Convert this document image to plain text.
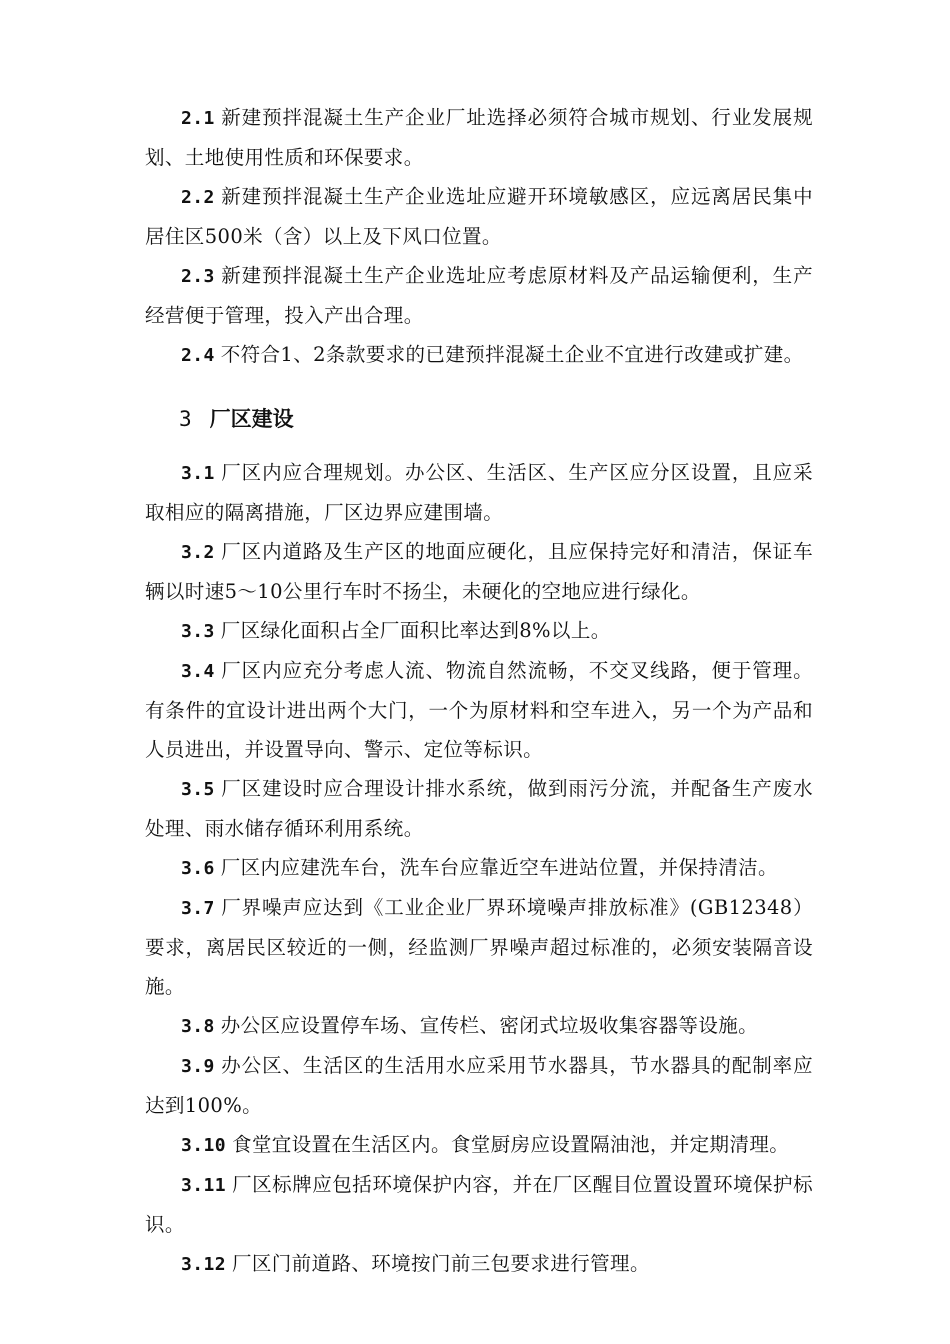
2.1 新建预拌混凝土生产企业厂址选择必须符合城市规划、行业发展规划、土地使用性质和环保要求。

2.2 新建预拌混凝土生产企业选址应避开环境敏感区，应远离居民集中居住区500米（含）以上及下风口位置。

2.3 新建预拌混凝土生产企业选址应考虑原材料及产品运输便利，生产经营便于管理，投入产出合理。

2.4 不符合1、2条款要求的已建预拌混凝土企业不宜进行改建或扩建。

3 厂区建设

3.1 厂区内应合理规划。办公区、生活区、生产区应分区设置，且应采取相应的隔离措施，厂区边界应建围墙。

3.2 厂区内道路及生产区的地面应硬化，且应保持完好和清洁，保证车辆以时速5～10公里行车时不扬尘，未硬化的空地应进行绿化。

3.3 厂区绿化面积占全厂面积比率达到8%以上。

3.4 厂区内应充分考虑人流、物流自然流畅，不交叉线路，便于管理。有条件的宜设计进出两个大门，一个为原材料和空车进入，另一个为产品和人员进出，并设置导向、警示、定位等标识。

3.5 厂区建设时应合理设计排水系统，做到雨污分流，并配备生产废水处理、雨水储存循环利用系统。

3.6 厂区内应建洗车台，洗车台应靠近空车进站位置，并保持清洁。

3.7 厂界噪声应达到《工业企业厂界环境噪声排放标准》(GB12348）要求，离居民区较近的一侧，经监测厂界噪声超过标准的，必须安装隔音设施。

3.8 办公区应设置停车场、宣传栏、密闭式垃圾收集容器等设施。

3.9 办公区、生活区的生活用水应采用节水器具，节水器具的配制率应达到100%。

3.10 食堂宜设置在生活区内。食堂厨房应设置隔油池，并定期清理。

3.11 厂区标牌应包括环境保护内容，并在厂区醒目位置设置环境保护标识。

3.12 厂区门前道路、环境按门前三包要求进行管理。
